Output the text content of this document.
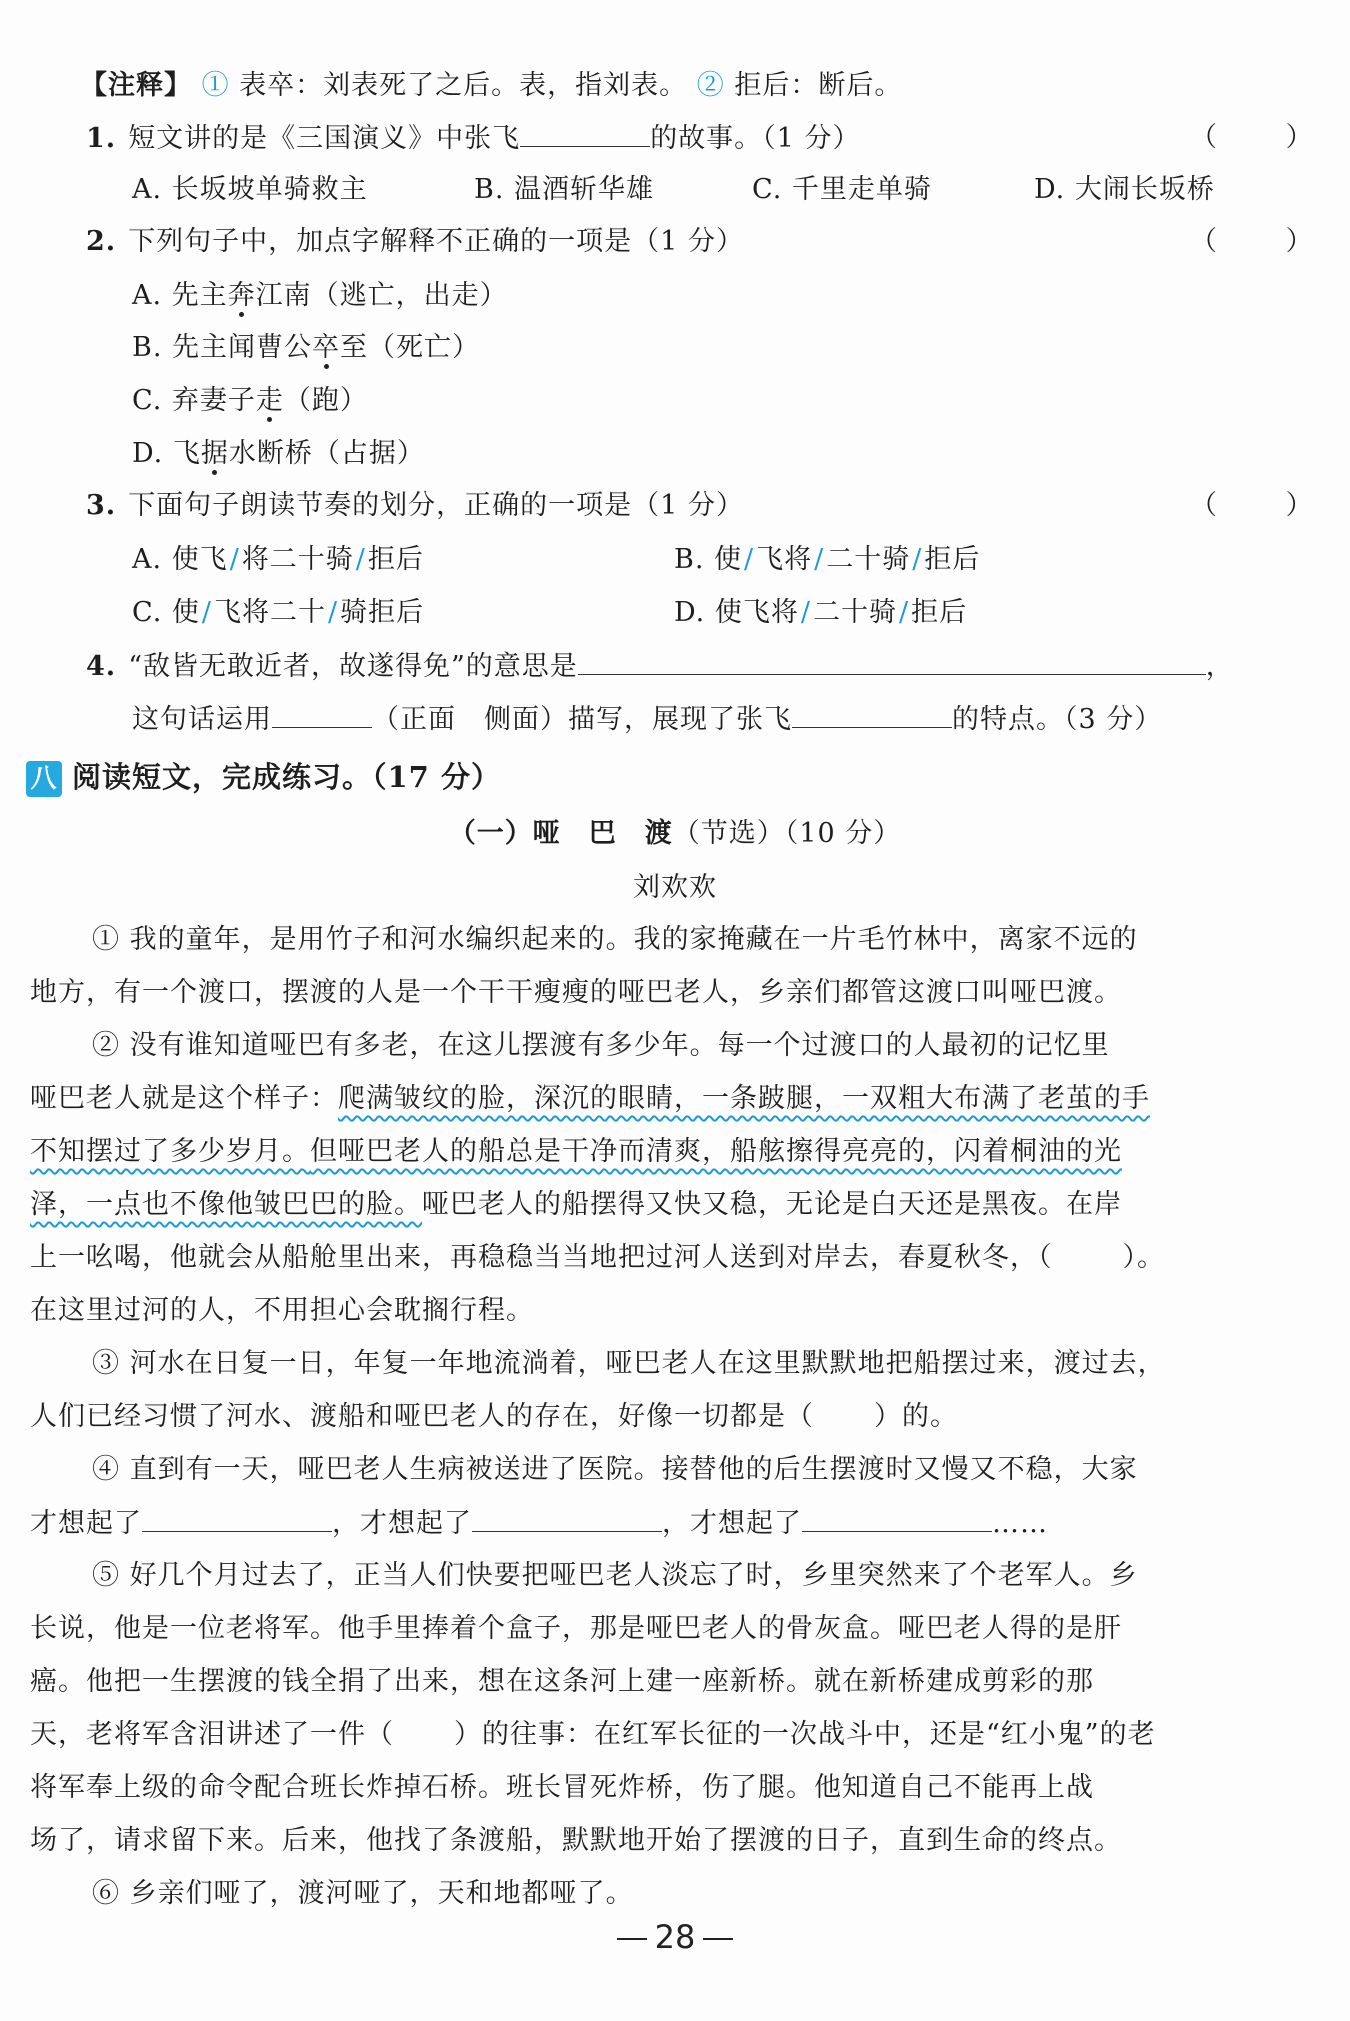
【注释】 ① 表卒：刘表死了之后。表，指刘表。 ② 拒后：断后。
1. 短文讲的是《三国演义》中张飞	的故事。（1 分）	（ ）
A. 长坂坡单骑救主	B. 温酒斩华雄	C. 千里走单骑	D. 大闹长坂桥
2. 下列句子中，加点字解释不正确的一项是（1 分）	（ ）
A. 先主奔江南（逃亡，出走）
B. 先主闻曹公卒至（死亡）
C. 弃妻子走（跑）
D. 飞据水断桥（占据）
3. 下面句子朗读节奏的划分，正确的一项是（1 分）	（ ）
A. 使飞/将二十骑/拒后	B. 使/飞将/二十骑/拒后
C. 使/飞将二十/骑拒后	D. 使飞将/二十骑/拒后
4. “敌皆无敢近者，故遂得免”的意思是	，
这句话运用	（正面　侧面）描写，展现了张飞	的特点。（3 分）
八 阅读短文，完成练习。（17 分）
（一）哑　巴　渡（节选）（10 分）
刘欢欢
① 我的童年，是用竹子和河水编织起来的。我的家掩藏在一片毛竹林中，离家不远的
地方，有一个渡口，摆渡的人是一个干干瘦瘦的哑巴老人，乡亲们都管这渡口叫哑巴渡。
② 没有谁知道哑巴有多老，在这儿摆渡有多少年。每一个过渡口的人最初的记忆里
哑巴老人就是这个样子：爬满皱纹的脸，深沉的眼睛，一条跛腿，一双粗大布满了老茧的手
不知摆过了多少岁月。但哑巴老人的船总是干净而清爽，船舷擦得亮亮的，闪着桐油的光
泽，一点也不像他皱巴巴的脸。哑巴老人的船摆得又快又稳，无论是白天还是黑夜。在岸
上一吆喝，他就会从船舱里出来，再稳稳当当地把过河人送到对岸去，春夏秋冬，（	）。
在这里过河的人，不用担心会耽搁行程。
③ 河水在日复一日，年复一年地流淌着，哑巴老人在这里默默地把船摆过来，渡过去，
人们已经习惯了河水、渡船和哑巴老人的存在，好像一切都是（ ）的。
④ 直到有一天，哑巴老人生病被送进了医院。接替他的后生摆渡时又慢又不稳，大家
才想起了	，才想起了	，才想起了	……
⑤ 好几个月过去了，正当人们快要把哑巴老人淡忘了时，乡里突然来了个老军人。乡
长说，他是一位老将军。他手里捧着个盒子，那是哑巴老人的骨灰盒。哑巴老人得的是肝
癌。他把一生摆渡的钱全捐了出来，想在这条河上建一座新桥。就在新桥建成剪彩的那
天，老将军含泪讲述了一件（ ）的往事：在红军长征的一次战斗中，还是“红小鬼”的老
将军奉上级的命令配合班长炸掉石桥。班长冒死炸桥，伤了腿。他知道自己不能再上战
场了，请求留下来。后来，他找了条渡船，默默地开始了摆渡的日子，直到生命的终点。
⑥ 乡亲们哑了，渡河哑了，天和地都哑了。
28
